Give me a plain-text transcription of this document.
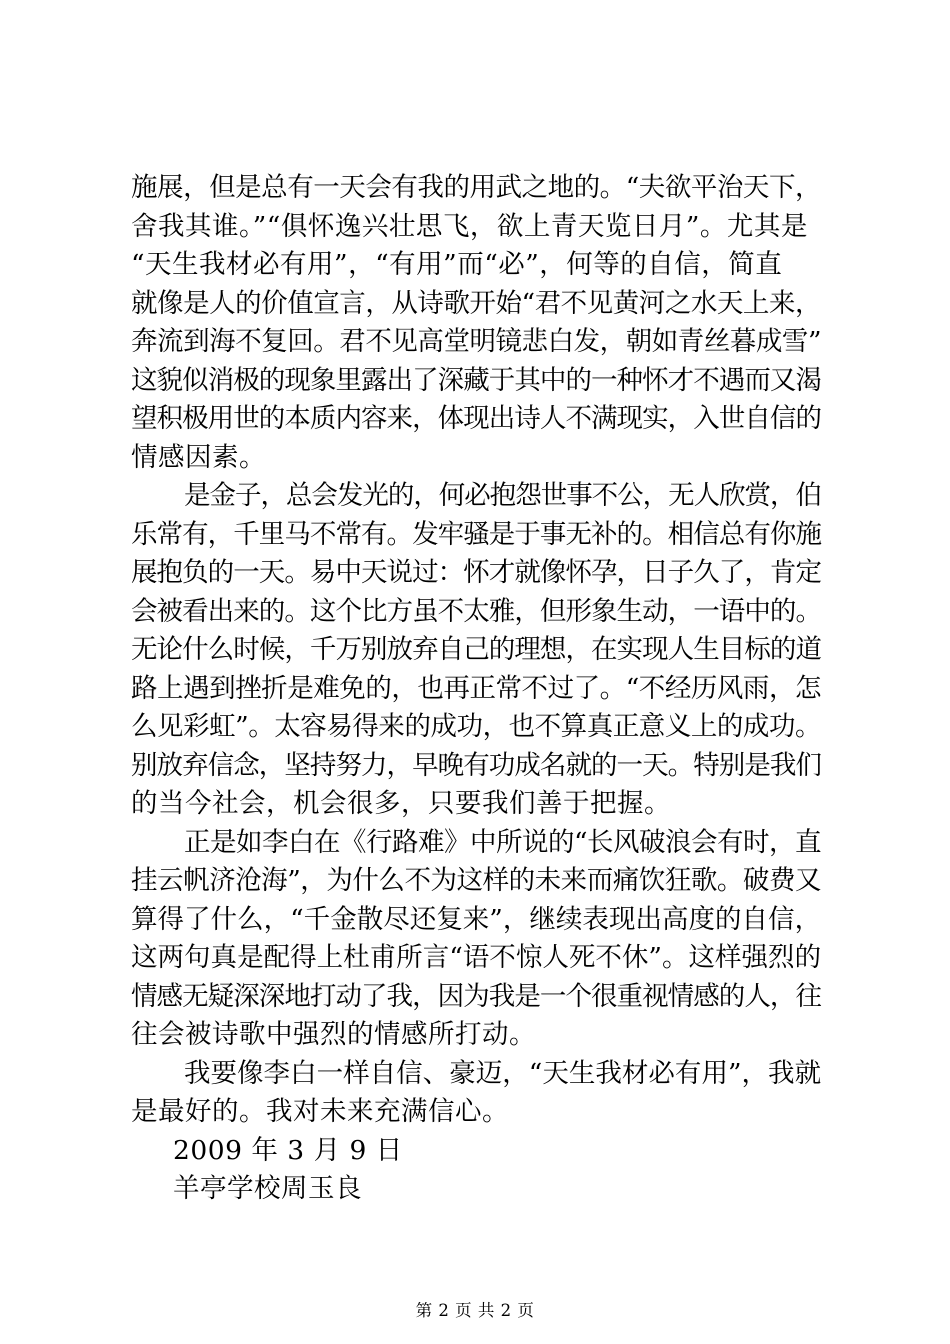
施展，但是总有一天会有我的用武之地的。“夫欲平治天下，
舍我其谁。”“俱怀逸兴壮思飞，欲上青天览日月”。尤其是
“天生我材必有用”，“有用”而“必”，何等的自信，简直
就像是人的价值宣言，从诗歌开始“君不见黄河之水天上来，
奔流到海不复回。君不见高堂明镜悲白发，朝如青丝暮成雪”
这貌似消极的现象里露出了深藏于其中的一种怀才不遇而又渴
望积极用世的本质内容来，体现出诗人不满现实，入世自信的
情感因素。
是金子，总会发光的，何必抱怨世事不公，无人欣赏，伯
乐常有，千里马不常有。发牢骚是于事无补的。相信总有你施
展抱负的一天。易中天说过：怀才就像怀孕，日子久了，肯定
会被看出来的。这个比方虽不太雅，但形象生动，一语中的。
无论什么时候，千万别放弃自己的理想，在实现人生目标的道
路上遇到挫折是难免的，也再正常不过了。“不经历风雨，怎
么见彩虹”。太容易得来的成功，也不算真正意义上的成功。
别放弃信念，坚持努力，早晚有功成名就的一天。特别是我们
的当今社会，机会很多，只要我们善于把握。
正是如李白在《行路难》中所说的“长风破浪会有时，直
挂云帆济沧海”，为什么不为这样的未来而痛饮狂歌。破费又
算得了什么，“千金散尽还复来”，继续表现出高度的自信，
这两句真是配得上杜甫所言“语不惊人死不休”。这样强烈的
情感无疑深深地打动了我，因为我是一个很重视情感的人，往
往会被诗歌中强烈的情感所打动。
我要像李白一样自信、豪迈，“天生我材必有用”，我就
是最好的。我对未来充满信心。
2009 年 3 月 9 日
羊亭学校周玉良
第 2 页 共 2 页
